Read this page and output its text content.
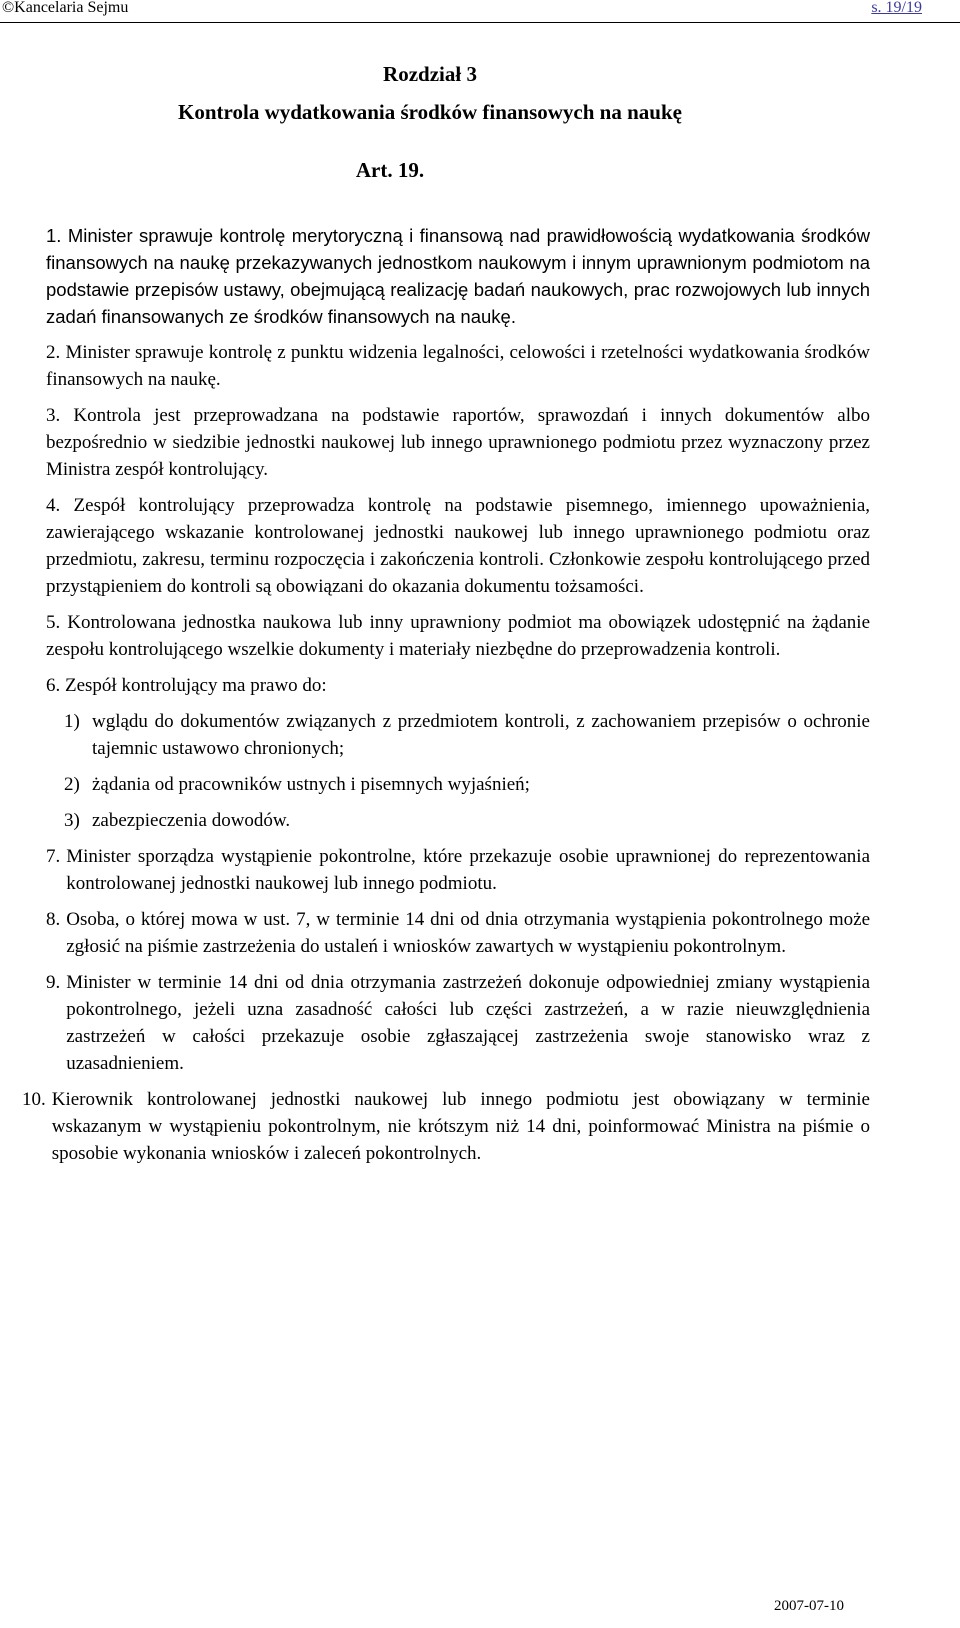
©Kancelaria Sejmu	s. 19/19
Rozdział 3
Kontrola wydatkowania środków finansowych na naukę
Art. 19.
1. Minister sprawuje kontrolę merytoryczną i finansową nad prawidłowością wydatkowania środków finansowych na naukę przekazywanych jednostkom naukowym i innym uprawnionym podmiotom na podstawie przepisów ustawy, obejmującą realizację badań naukowych, prac rozwojowych lub innych zadań finansowanych ze środków finansowych na naukę.
2. Minister sprawuje kontrolę z punktu widzenia legalności, celowości i rzetelności wydatkowania środków finansowych na naukę.
3. Kontrola jest przeprowadzana na podstawie raportów, sprawozdań i innych dokumentów albo bezpośrednio w siedzibie jednostki naukowej lub innego uprawnionego podmiotu przez wyznaczony przez Ministra zespół kontrolujący.
4. Zespół kontrolujący przeprowadza kontrolę na podstawie pisemnego, imiennego upoważnienia, zawierającego wskazanie kontrolowanej jednostki naukowej lub innego uprawnionego podmiotu oraz przedmiotu, zakresu, terminu rozpoczęcia i zakończenia kontroli. Członkowie zespołu kontrolującego przed przystąpieniem do kontroli są obowiązani do okazania dokumentu tożsamości.
5. Kontrolowana jednostka naukowa lub inny uprawniony podmiot ma obowiązek udostępnić na żądanie zespołu kontrolującego wszelkie dokumenty i materiały niezbędne do przeprowadzenia kontroli.
6. Zespół kontrolujący ma prawo do:
1) wglądu do dokumentów związanych z przedmiotem kontroli, z zachowaniem przepisów o ochronie tajemnic ustawowo chronionych;
2) żądania od pracowników ustnych i pisemnych wyjaśnień;
3) zabezpieczenia dowodów.
7. Minister sporządza wystąpienie pokontrolne, które przekazuje osobie uprawnionej do reprezentowania kontrolowanej jednostki naukowej lub innego podmiotu.
8. Osoba, o której mowa w ust. 7, w terminie 14 dni od dnia otrzymania wystąpienia pokontrolnego może zgłosić na piśmie zastrzeżenia do ustaleń i wniosków zawartych w wystąpieniu pokontrolnym.
9. Minister w terminie 14 dni od dnia otrzymania zastrzeżeń dokonuje odpowiedniej zmiany wystąpienia pokontrolnego, jeżeli uzna zasadność całości lub części zastrzeżeń, a w razie nieuwzględnienia zastrzeżeń w całości przekazuje osobie zgłaszającej zastrzeżenia swoje stanowisko wraz z uzasadnieniem.
10. Kierownik kontrolowanej jednostki naukowej lub innego podmiotu jest obowiązany w terminie wskazanym w wystąpieniu pokontrolnym, nie krótszym niż 14 dni, poinformować Ministra na piśmie o sposobie wykonania wniosków i zaleceń pokontrolnych.
2007-07-10
